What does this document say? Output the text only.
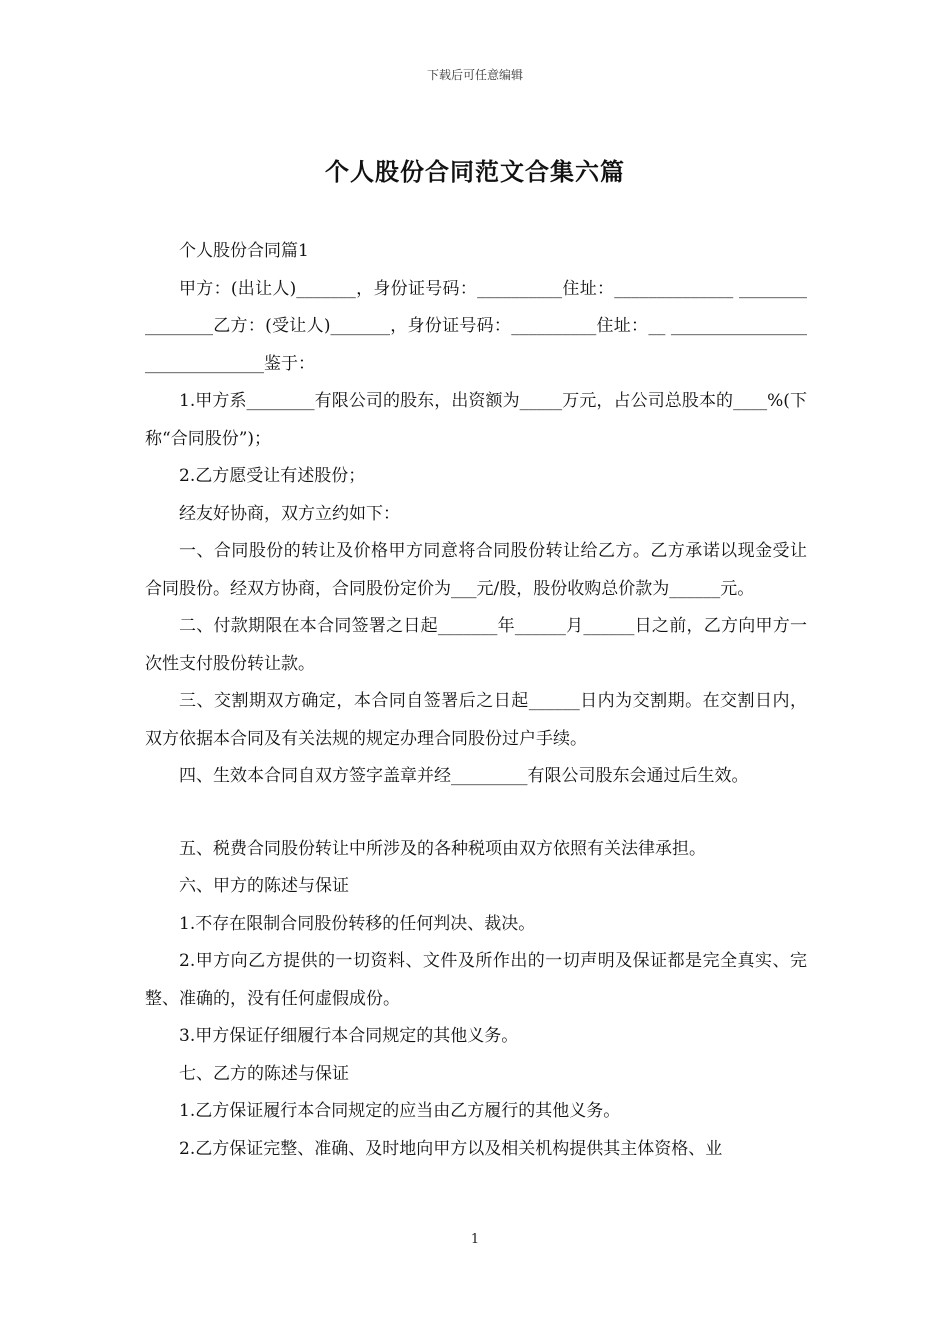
下载后可任意编辑
个人股份合同范文合集六篇

个人股份合同篇1

甲方：(出让人)_______，身份证号码：__________住址：______________ ________________乙方：(受让人)_______，身份证号码：__________住址：__ ______________________________鉴于：

1.甲方系________有限公司的股东，出资额为_____万元，占公司总股本的____%(下称“合同股份”)；

2.乙方愿受让有述股份；

经友好协商，双方立约如下：

一、合同股份的转让及价格甲方同意将合同股份转让给乙方。乙方承诺以现金受让合同股份。经双方协商，合同股份定价为___元/股，股份收购总价款为______元。

二、付款期限在本合同签署之日起_______年______月______日之前，乙方向甲方一次性支付股份转让款。

三、交割期双方确定，本合同自签署后之日起______日内为交割期。在交割日内，双方依据本合同及有关法规的规定办理合同股份过户手续。

四、生效本合同自双方签字盖章并经_________有限公司股东会通过后生效。

五、税费合同股份转让中所涉及的各种税项由双方依照有关法律承担。

六、甲方的陈述与保证

1.不存在限制合同股份转移的任何判决、裁决。

2.甲方向乙方提供的一切资料、文件及所作出的一切声明及保证都是完全真实、完整、准确的，没有任何虚假成份。

3.甲方保证仔细履行本合同规定的其他义务。

七、乙方的陈述与保证

1.乙方保证履行本合同规定的应当由乙方履行的其他义务。

2.乙方保证完整、准确、及时地向甲方以及相关机构提供其主体资格、业

1
